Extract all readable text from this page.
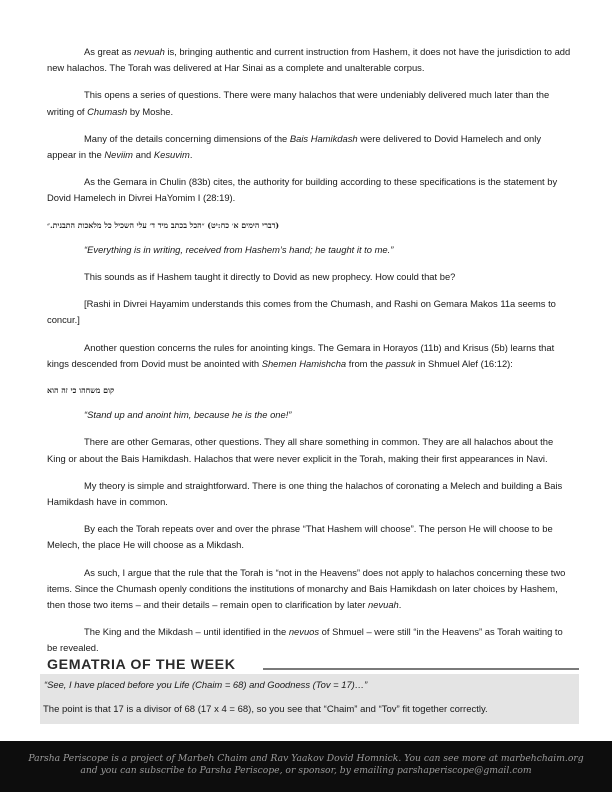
As great as nevuah is, bringing authentic and current instruction from Hashem, it does not have the jurisdiction to add new halachos. The Torah was delivered at Har Sinai as a complete and unalterable corpus.

This opens a series of questions. There were many halachos that were undeniably delivered much later than the writing of Chumash by Moshe.

Many of the details concerning dimensions of the Bais Hamikdash were delivered to Dovid Hamelech and only appear in the Neviim and Kesuvim.

As the Gemara in Chulin (83b) cites, the authority for building according to these specifications is the statement by Dovid Hamelech in Divrei HaYomim I (28:19).

(דברי הימים א׳ כח:יט) ״הכל בכתב מיד ד׳ עלי השכיל כל מלאכות התבנית.״

“Everything is in writing, received from Hashem’s hand; he taught it to me.”

This sounds as if Hashem taught it directly to Dovid as new prophecy. How could that be?

[Rashi in Divrei Hayamim understands this comes from the Chumash, and Rashi on Gemara Makos 11a seems to concur.]

Another question concerns the rules for anointing kings. The Gemara in Horayos (11b) and Krisus (5b) learns that kings descended from Dovid must be anointed with Shemen Hamishcha from the passuk in Shmuel Alef (16:12):

קום משחהו כי זה הוא

“Stand up and anoint him, because he is the one!”

There are other Gemaras, other questions. They all share something in common. They are all halachos about the King or about the Bais Hamikdash. Halachos that were never explicit in the Torah, making their first appearances in Navi.

My theory is simple and straightforward. There is one thing the halachos of coronating a Melech and building a Bais Hamikdash have in common.

By each the Torah repeats over and over the phrase “That Hashem will choose”. The person He will choose to be Melech, the place He will choose as a Mikdash.

As such, I argue that the rule that the Torah is “not in the Heavens” does not apply to halachos concerning these two items. Since the Chumash openly conditions the institutions of monarchy and Bais Hamikdash on later choices by Hashem, then those two items – and their details – remain open to clarification by later nevuah.

The King and the Mikdash – until identified in the nevuos of Shmuel – were still “in the Heavens” as Torah waiting to be revealed.

GEMATRIA OF THE WEEK
“See, I have placed before you Life (Chaim = 68) and Goodness (Tov = 17)…”
The point is that 17 is a divisor of 68 (17 x 4 = 68), so you see that “Chaim” and “Tov” fit together correctly.
Parsha Periscope is a project of Marbeh Chaim and Rav Yaakov Dovid Homnick. You can see more at marbehchaim.org
and you can subscribe to Parsha Periscope, or sponsor, by emailing parshaperiscope@gmail.com
